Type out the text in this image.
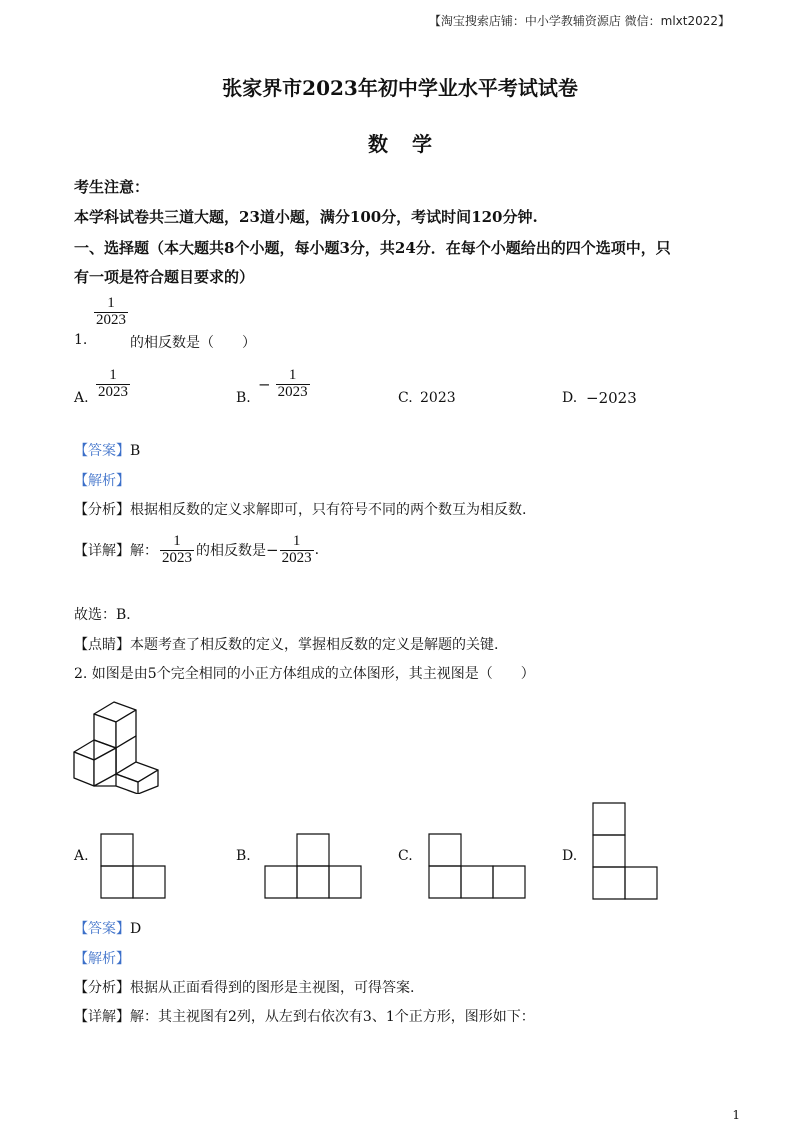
【淘宝搜索店铺：中小学教辅资源店 微信：mlxt2022】
张家界市2023年初中学业水平考试试卷
数学
考生注意：
本学科试卷共三道大题，23道小题，满分100分，考试时间120分钟.
一、选择题（本大题共8个小题，每小题3分，共24分．在每个小题给出的四个选项中，只
有一项是符合题目要求的）
$\frac{1}{2023}$
1.	的相反数是（　　）
A. $\frac{1}{2023}$	B.
− $\frac{1}{2023}$	C. 2023	D. −2023
【答案】B
【解析】
【分析】根据相反数的定义求解即可，只有符号不同的两个数互为相反数.
【详解】 解： $\frac{1}{2023}$ 的相反数是 − $\frac{1}{2023}$ .
故选：B．
【点睛】本题考查了相反数的定义，掌握相反数的定义是解题的关键.
2. 如图是由5个完全相同的小正方体组成的立体图形，其主视图是（　　）
A.	B.	C.	D.
【答案】D
【解析】
【分析】根据从正面看得到的图形是主视图，可得答案.
【详解】解：其主视图有2列，从左到右依次有3、1个正方形，图形如下：
1
